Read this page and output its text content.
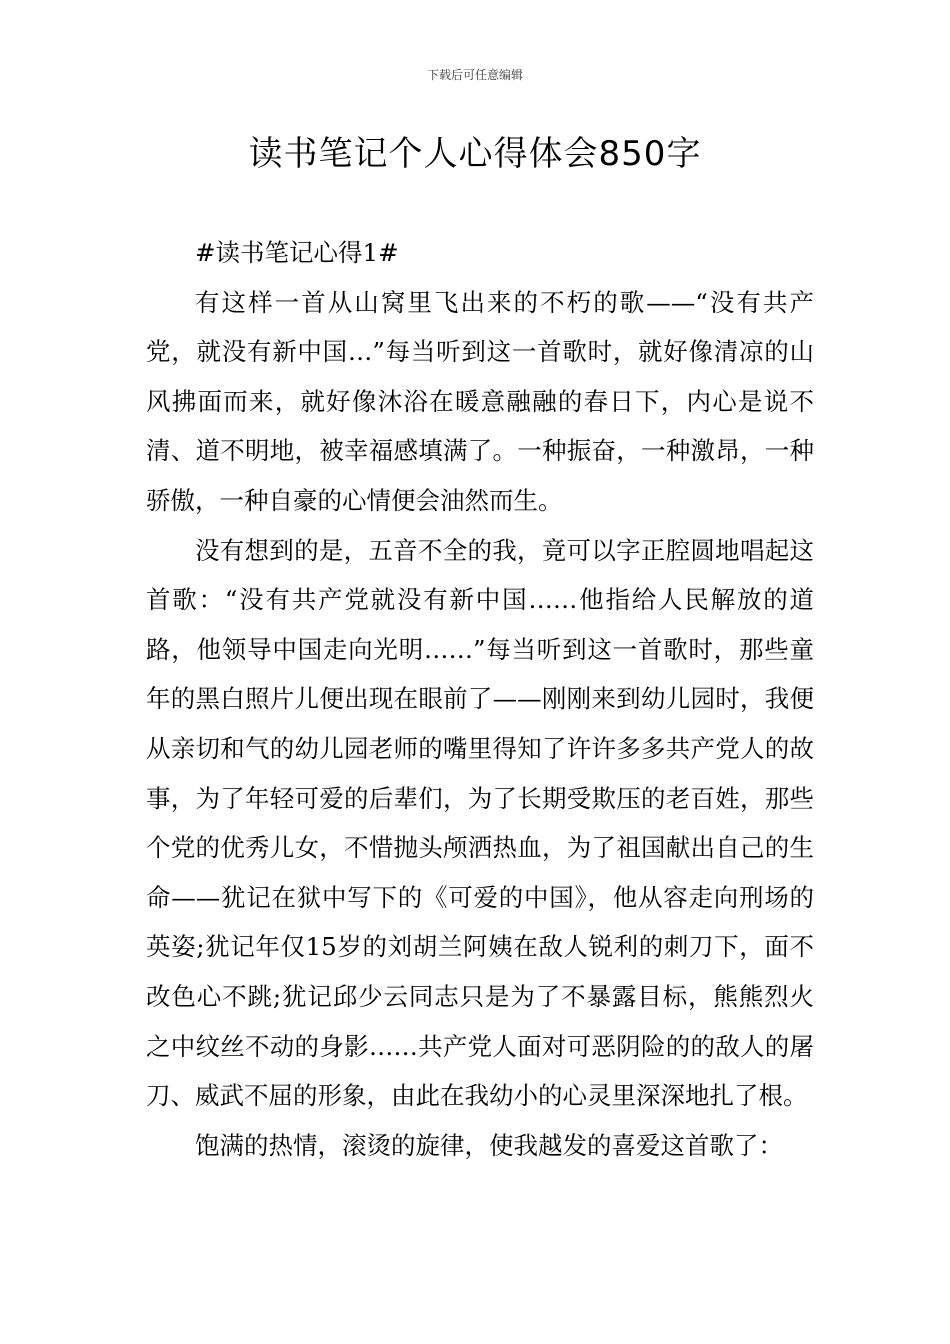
下载后可任意编辑
读书笔记个人心得体会850字

#读书笔记心得1#

有这样一首从山窝里飞出来的不朽的歌——“没有共产党，就没有新中国…”每当听到这一首歌时，就好像清凉的山风拂面而来，就好像沐浴在暖意融融的春日下，内心是说不清、道不明地，被幸福感填满了。一种振奋，一种激昂，一种骄傲，一种自豪的心情便会油然而生。

没有想到的是，五音不全的我，竟可以字正腔圆地唱起这首歌：“没有共产党就没有新中国……他指给人民解放的道路，他领导中国走向光明……”每当听到这一首歌时，那些童年的黑白照片儿便出现在眼前了——刚刚来到幼儿园时，我便从亲切和气的幼儿园老师的嘴里得知了许许多多共产党人的故事，为了年轻可爱的后辈们，为了长期受欺压的老百姓，那些个党的优秀儿女，不惜抛头颅洒热血，为了祖国献出自己的生命——犹记在狱中写下的《可爱的中国》，他从容走向刑场的英姿;犹记年仅15岁的刘胡兰阿姨在敌人锐利的刺刀下，面不改色心不跳;犹记邱少云同志只是为了不暴露目标，熊熊烈火之中纹丝不动的身影……共产党人面对可恶阴险的的敌人的屠刀、威武不屈的形象，由此在我幼小的心灵里深深地扎了根。

饱满的热情，滚烫的旋律，使我越发的喜爱这首歌了：
